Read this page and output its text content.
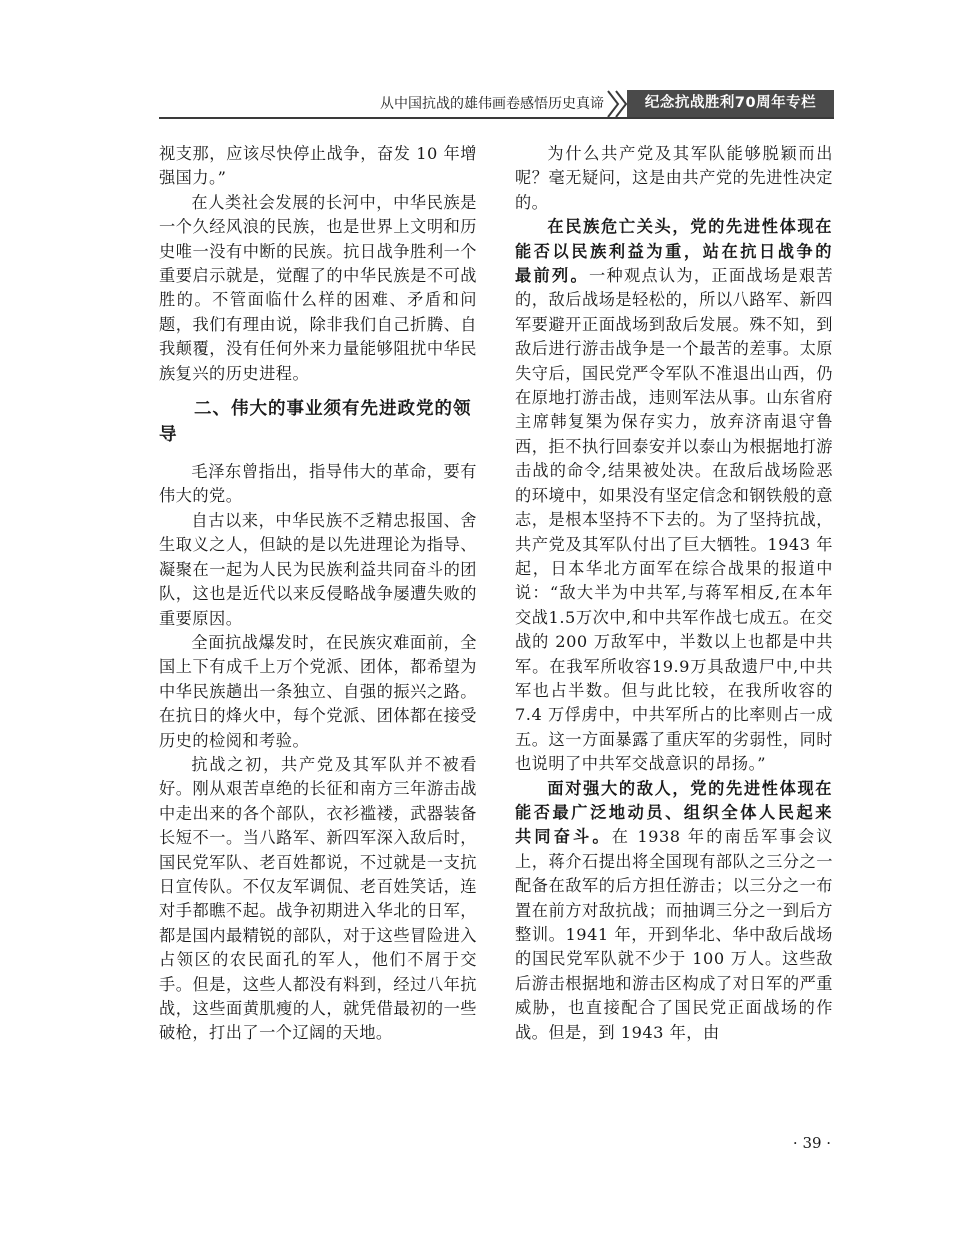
从中国抗战的雄伟画卷感悟历史真谛	纪念抗战胜利70周年专栏

视支那，应该尽快停止战争，奋发 10 年增强国力。”

在人类社会发展的长河中，中华民族是一个久经风浪的民族，也是世界上文明和历史唯一没有中断的民族。抗日战争胜利一个重要启示就是，觉醒了的中华民族是不可战胜的。不管面临什么样的困难、矛盾和问题，我们有理由说，除非我们自己折腾、自我颠覆，没有任何外来力量能够阻扰中华民族复兴的历史进程。

二、伟大的事业须有先进政党的领导

毛泽东曾指出，指导伟大的革命，要有伟大的党。

自古以来，中华民族不乏精忠报国、舍生取义之人，但缺的是以先进理论为指导、凝聚在一起为人民为民族利益共同奋斗的团队，这也是近代以来反侵略战争屡遭失败的重要原因。

全面抗战爆发时，在民族灾难面前，全国上下有成千上万个党派、团体，都希望为中华民族趟出一条独立、自强的振兴之路。在抗日的烽火中，每个党派、团体都在接受历史的检阅和考验。

抗战之初，共产党及其军队并不被看好。刚从艰苦卓绝的长征和南方三年游击战中走出来的各个部队，衣衫褴褛，武器装备长短不一。当八路军、新四军深入敌后时，国民党军队、老百姓都说，不过就是一支抗日宣传队。不仅友军调侃、老百姓笑话，连对手都瞧不起。战争初期进入华北的日军，都是国内最精锐的部队，对于这些冒险进入占领区的农民面孔的军人，他们不屑于交手。但是，这些人都没有料到，经过八年抗战，这些面黄肌瘦的人，就凭借最初的一些破枪，打出了一个辽阔的天地。

为什么共产党及其军队能够脱颖而出呢？毫无疑问，这是由共产党的先进性决定的。

在民族危亡关头，党的先进性体现在能否以民族利益为重，站在抗日战争的最前列。一种观点认为，正面战场是艰苦的，敌后战场是轻松的，所以八路军、新四军要避开正面战场到敌后发展。殊不知，到敌后进行游击战争是一个最苦的差事。太原失守后，国民党严令军队不准退出山西，仍在原地打游击战，违则军法从事。山东省府主席韩复榘为保存实力，放弃济南退守鲁西，拒不执行回泰安并以泰山为根据地打游击战的命令,结果被处决。在敌后战场险恶的环境中，如果没有坚定信念和钢铁般的意志，是根本坚持不下去的。为了坚持抗战，共产党及其军队付出了巨大牺牲。1943 年起，日本华北方面军在综合战果的报道中说：“敌大半为中共军,与蒋军相反,在本年交战1.5万次中,和中共军作战七成五。在交战的 200 万敌军中，半数以上也都是中共军。在我军所收容19.9万具敌遗尸中,中共军也占半数。但与此比较，在我所收容的 7.4 万俘虏中，中共军所占的比率则占一成五。这一方面暴露了重庆军的劣弱性，同时也说明了中共军交战意识的昂扬。”

面对强大的敌人，党的先进性体现在能否最广泛地动员、组织全体人民起来共同奋斗。在 1938 年的南岳军事会议上，蒋介石提出将全国现有部队之三分之一配备在敌军的后方担任游击；以三分之一布置在前方对敌抗战；而抽调三分之一到后方整训。1941 年，开到华北、华中敌后战场的国民党军队就不少于 100 万人。这些敌后游击根据地和游击区构成了对日军的严重威胁，也直接配合了国民党正面战场的作战。但是，到 1943 年，由

· 39 ·
